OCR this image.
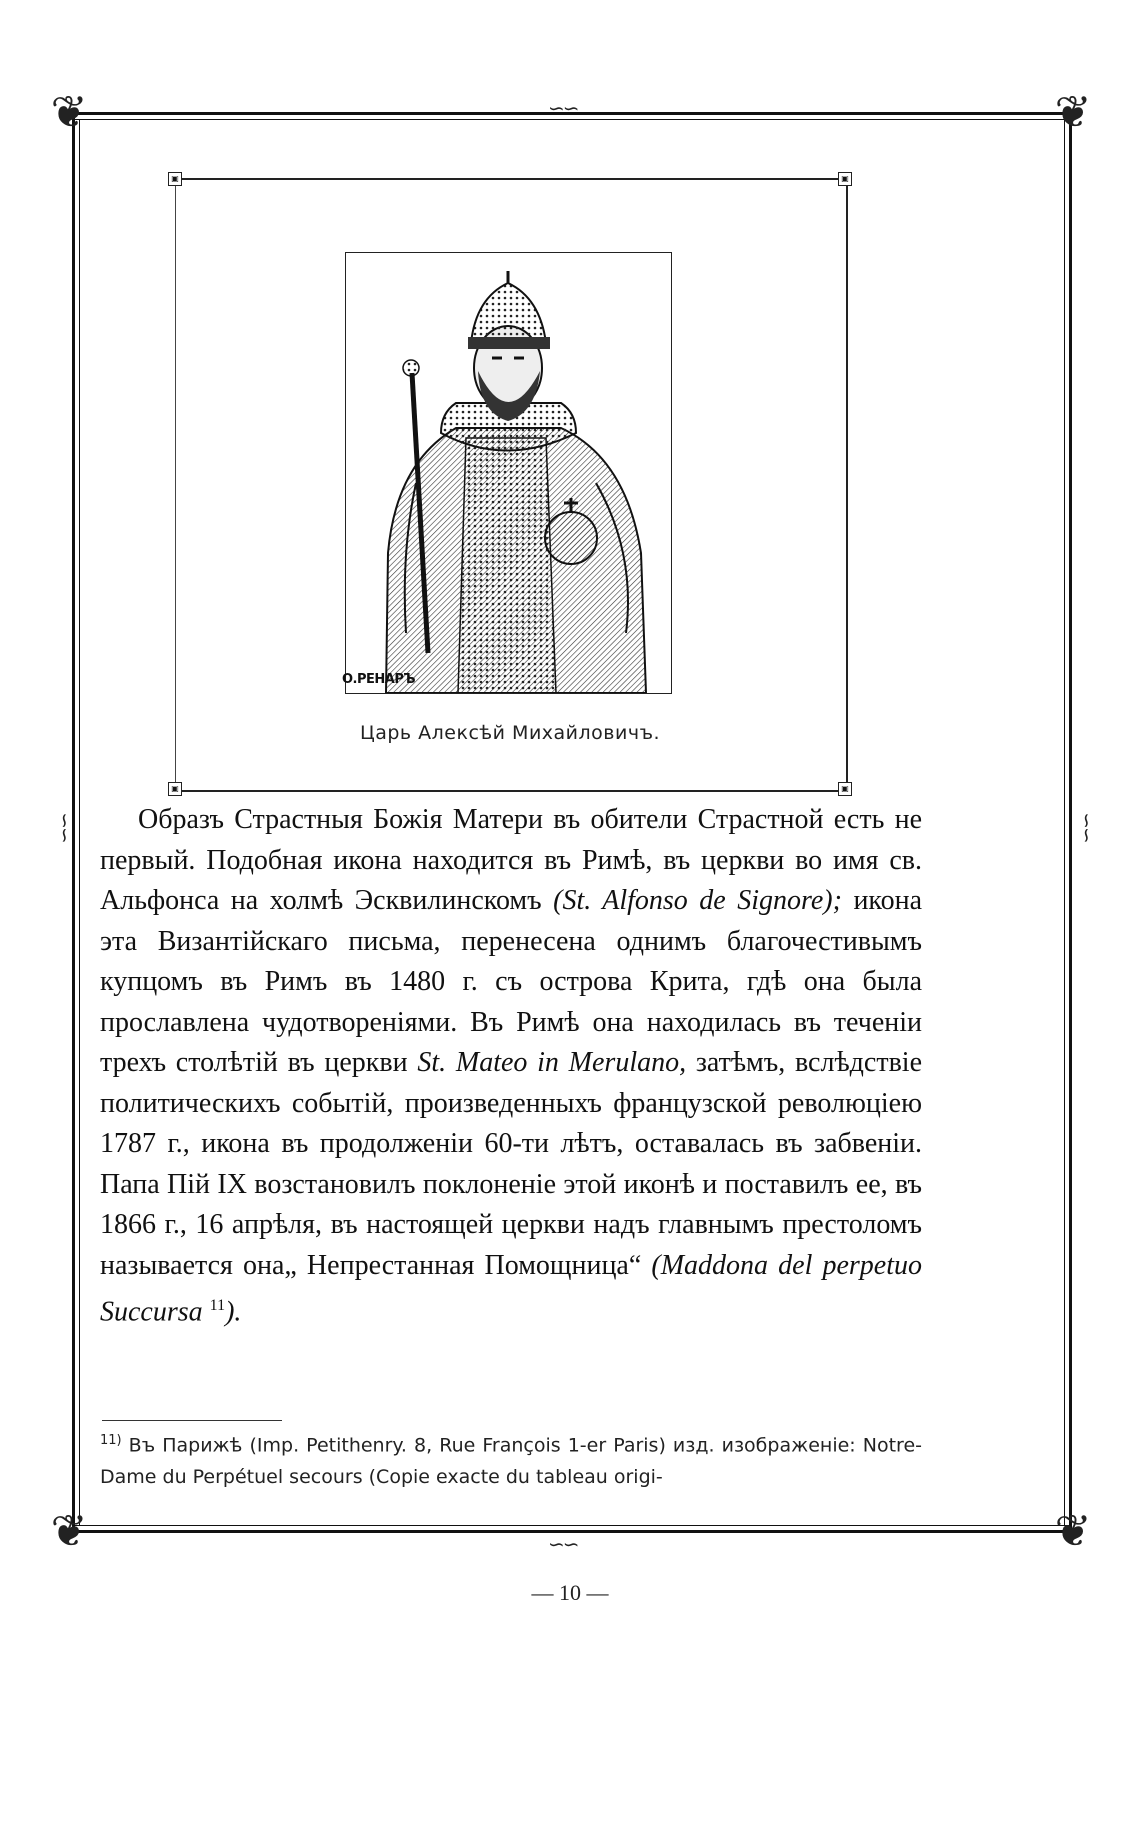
❦	❦
❦	❦
∽∽
∽∽
∽∽	∽∽
▣	▣
▣	▣
О.РЕНАРЪ
Царь Алексѣй Михайловичъ.

Образъ Страстныя Божія Матери въ обители Страстной есть не первый. Подобная икона находится въ Римѣ, въ церкви во имя св. Альфонса на холмѣ Эсквилинскомъ (St. Alfonso de Signore); икона эта Византійскаго письма, перенесена однимъ благочестивымъ купцомъ въ Римъ въ 1480 г. съ острова Крита, гдѣ она была прославлена чудотвореніями. Въ Римѣ она находилась въ теченіи трехъ столѣтій въ церкви St. Mateo in Merulano, затѣмъ, вслѣдствіе политическихъ событій, произведенныхъ французской революціею 1787 г., икона въ продолженіи 60-ти лѣтъ, оставалась въ забвеніи. Папа Пій IX возстановилъ поклоненіе этой иконѣ и поставилъ ее, въ 1866 г., 16 апрѣля, въ настоящей церкви надъ главнымъ престоломъ называется она„ Непрестанная Помощница“ (Maddona del perpetuo Succursa $^{11}$).

$^{11)}$ Въ Парижѣ (Imp. Petithenry. 8, Rue François 1-er Paris) изд. изображеніе: Notre-Dame du Perpétuel secours (Copie exacte du tableau origi-
— 10 —
